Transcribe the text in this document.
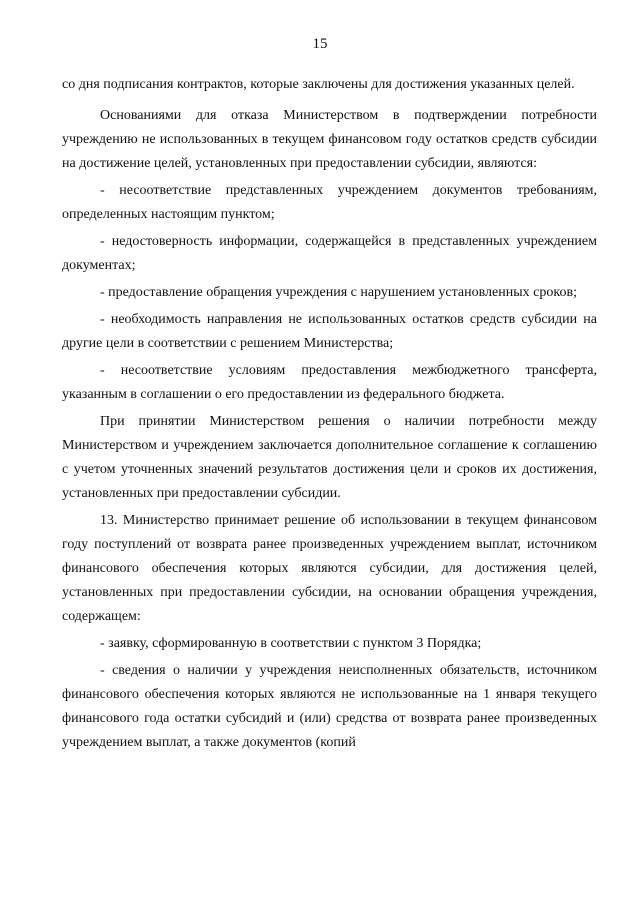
15

со дня подписания контрактов, которые заключены для достижения указанных целей.

Основаниями для отказа Министерством в подтверждении потребности учреждению не использованных в текущем финансовом году остатков средств субсидии на достижение целей, установленных при предоставлении субсидии, являются:

- несоответствие представленных учреждением документов требованиям, определенных настоящим пунктом;

- недостоверность информации, содержащейся в представленных учреждением документах;

- предоставление обращения учреждения с нарушением установленных сроков;

- необходимость направления не использованных остатков средств субсидии на другие цели в соответствии с решением Министерства;

- несоответствие условиям предоставления межбюджетного трансферта, указанным в соглашении о его предоставлении из федерального бюджета.

При принятии Министерством решения о наличии потребности между Министерством и учреждением заключается дополнительное соглашение к соглашению с учетом уточненных значений результатов достижения цели и сроков их достижения, установленных при предоставлении субсидии.

13. Министерство принимает решение об использовании в текущем финансовом году поступлений от возврата ранее произведенных учреждением выплат, источником финансового обеспечения которых являются субсидии, для достижения целей, установленных при предоставлении субсидии, на основании обращения учреждения, содержащем:

- заявку, сформированную в соответствии с пунктом 3 Порядка;

- сведения о наличии у учреждения неисполненных обязательств, источником финансового обеспечения которых являются не использованные на 1 января текущего финансового года остатки субсидий и (или) средства от возврата ранее произведенных учреждением выплат, а также документов (копий
